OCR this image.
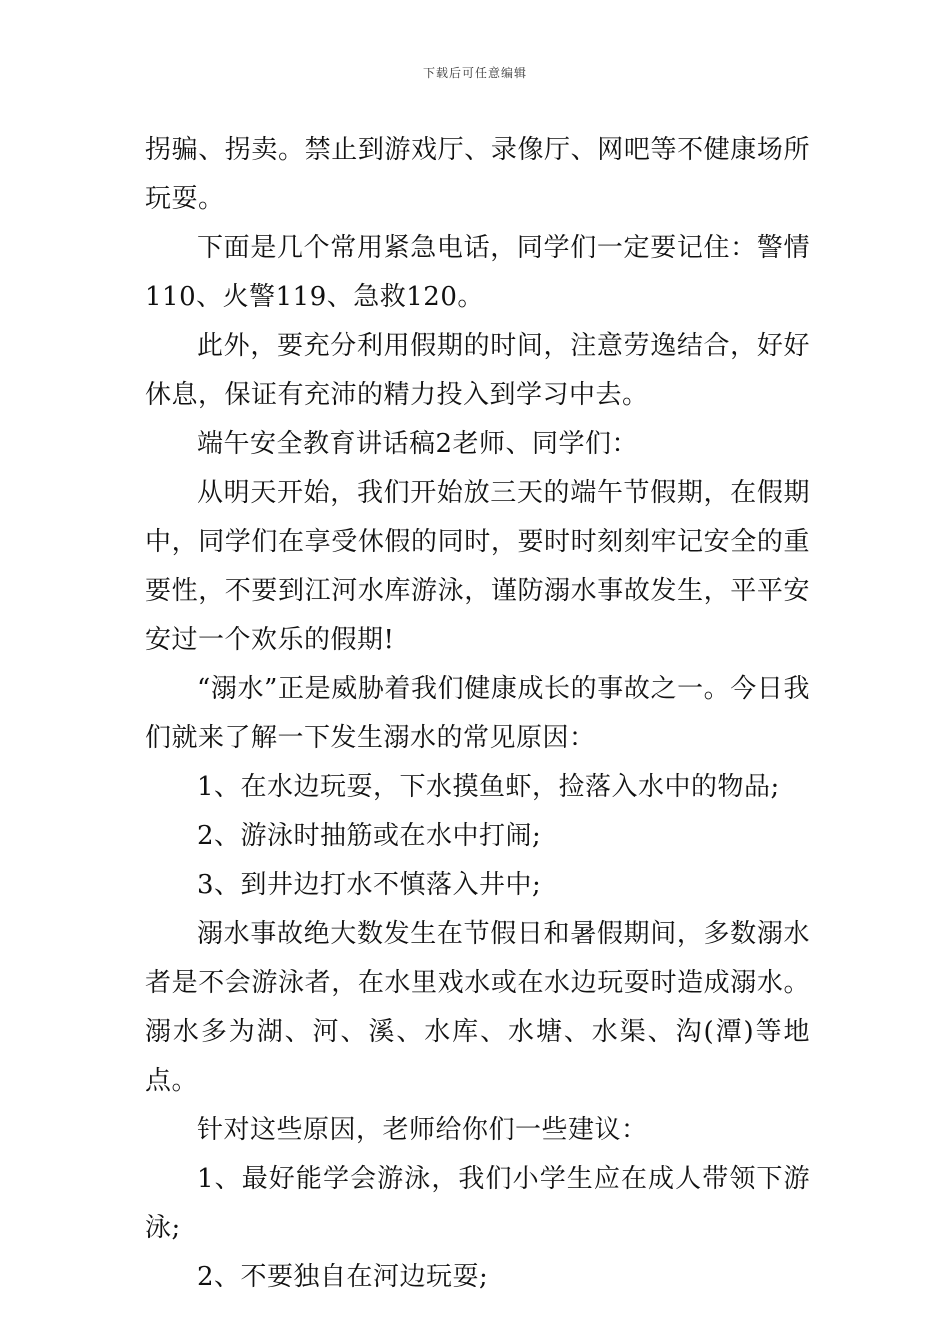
下载后可任意编辑

拐骗、拐卖。禁止到游戏厅、录像厅、网吧等不健康场所玩耍。

下面是几个常用紧急电话，同学们一定要记住：警情110、火警119、急救120。

此外，要充分利用假期的时间，注意劳逸结合，好好休息，保证有充沛的精力投入到学习中去。

端午安全教育讲话稿2老师、同学们：

从明天开始，我们开始放三天的端午节假期，在假期中，同学们在享受休假的同时，要时时刻刻牢记安全的重要性，不要到江河水库游泳，谨防溺水事故发生，平平安安过一个欢乐的假期!

“溺水”正是威胁着我们健康成长的事故之一。今日我们就来了解一下发生溺水的常见原因：

1、在水边玩耍，下水摸鱼虾，捡落入水中的物品;

2、游泳时抽筋或在水中打闹;

3、到井边打水不慎落入井中;

溺水事故绝大数发生在节假日和暑假期间，多数溺水者是不会游泳者，在水里戏水或在水边玩耍时造成溺水。溺水多为湖、河、溪、水库、水塘、水渠、沟(潭)等地点。

针对这些原因，老师给你们一些建议：

1、最好能学会游泳，我们小学生应在成人带领下游泳;

2、不要独自在河边玩耍;
